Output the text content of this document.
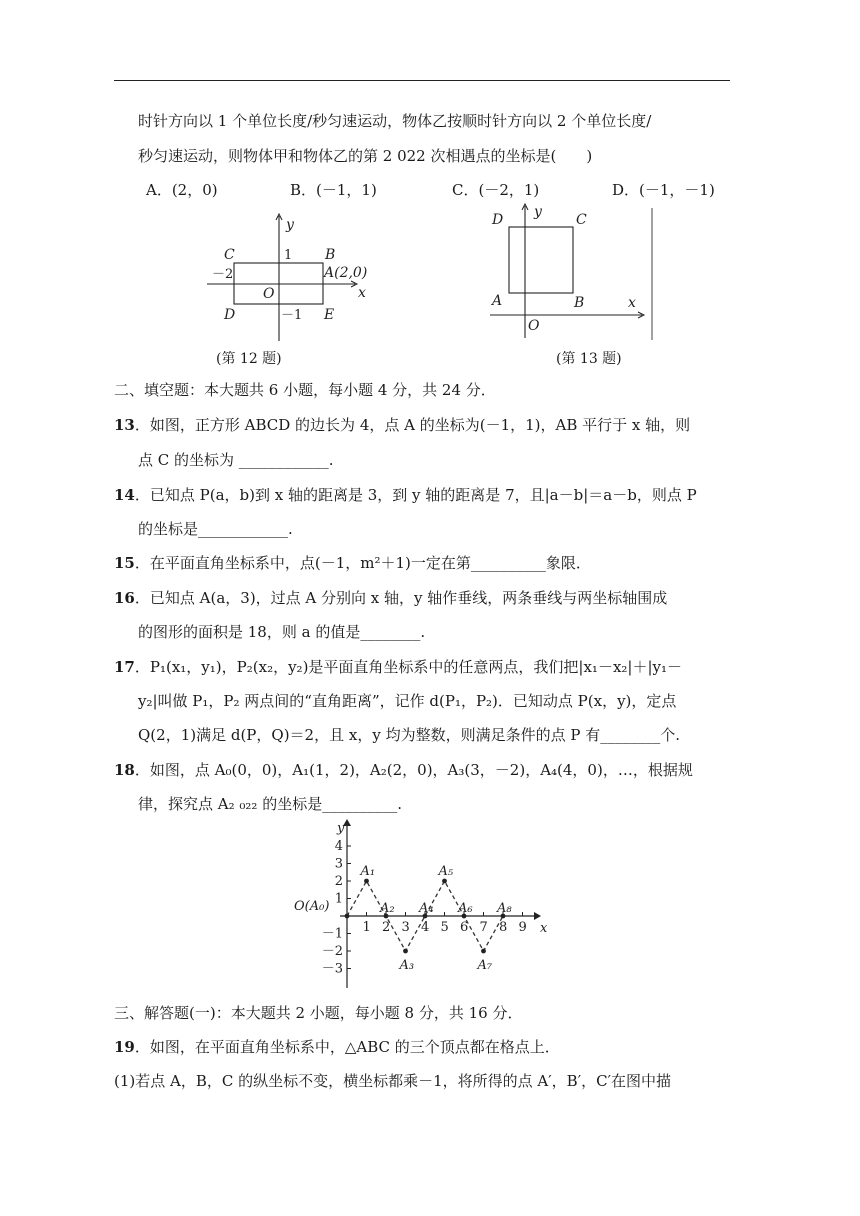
时针方向以 1 个单位长度/秒匀速运动，物体乙按顺时针方向以 2 个单位长度/
秒匀速运动，则物体甲和物体乙的第 2 022 次相遇点的坐标是(　　)
A．(2，0)	B．(－1，1)	C．(－2，1)	D．(－1，－1)
y
x
C	B
A(2,0)
O
D	E
1
－2
－1
(第 12 题)
D y C
A	B	x
O
(第 13 题)
二、填空题：本大题共 6 小题，每小题 4 分，共 24 分．
13．如图，正方形 ABCD 的边长为 4，点 A 的坐标为(－1，1)，AB 平行于 x 轴，则
点 C 的坐标为 ____________.
14．已知点 P(a，b)到 x 轴的距离是 3，到 y 轴的距离是 7，且|a－b|＝a－b，则点 P
的坐标是____________.
15．在平面直角坐标系中，点(－1，m²＋1)一定在第__________象限．
16．已知点 A(a，3)，过点 A 分别向 x 轴，y 轴作垂线，两条垂线与两坐标轴围成
的图形的面积是 18，则 a 的值是________.
17．P₁(x₁，y₁)，P₂(x₂，y₂)是平面直角坐标系中的任意两点，我们把|x₁－x₂|＋|y₁－
y₂|叫做 P₁，P₂ 两点间的“直角距离”，记作 d(P₁，P₂)．已知动点 P(x，y)，定点
Q(2，1)满足 d(P，Q)＝2，且 x，y 均为整数，则满足条件的点 P 有________个.
18．如图，点 A₀(0，0)，A₁(1，2)，A₂(2，0)，A₃(3，－2)，A₄(4，0)，…，根据规
律，探究点 A₂ ₀₂₂ 的坐标是__________.
4
3
2
1
－1
－2
－3
1 2 3 4 5 6 7 8 9
O(A₀)
x
y
A₁
A₂
A₃
A₄
A₅
A₆
A₇
A₈
三、解答题(一)：本大题共 2 小题，每小题 8 分，共 16 分．
19．如图，在平面直角坐标系中，△ABC 的三个顶点都在格点上．
(1)若点 A，B，C 的纵坐标不变，横坐标都乘－1，将所得的点 A′，B′，C′在图中描
